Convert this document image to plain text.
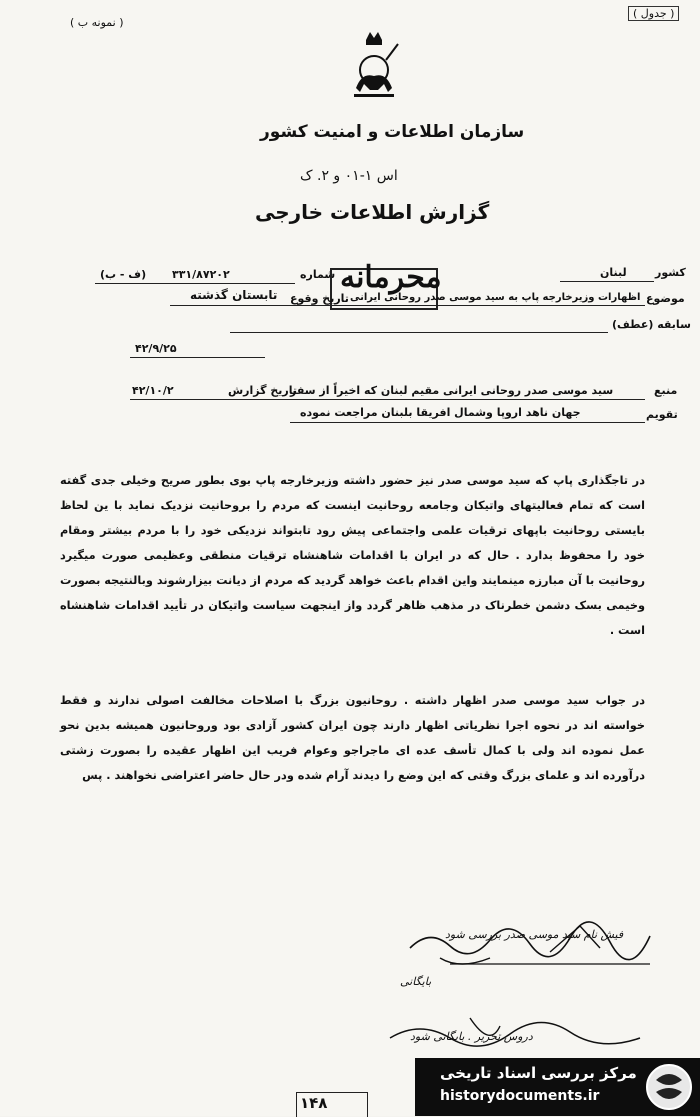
( نمونه ب )
( جدول )
سازمان اطلاعات و امنیت کشور
اس ۱-۰۱ و ۲. ک
گزارش اطلاعات خارجی
کشور
لبنان
شماره
۳۳۱/۸۷۲۰۲
(ف - ب)	محرمانه
موضوع
اظهارات وزیرخارجه پاپ به سید موسی صدر روحانی ایرانی
تاریخ وقوع
تابستان گذشته
سابقه (عطف)
۴۲/۹/۲۵
منبع
سید موسی صدر روحانی ایرانی مقیم لبنان که اخیراً از سفر
تاریخ گزارش
۴۲/۱۰/۲
تقویم
جهان ناهد اروپا وشمال افریقا بلبنان مراجعت نموده

در تاجگذاری پاپ که سید موسی صدر نیز حضور داشته وزیرخارجه پاپ بوی بطور صریح وخیلی جدی گفته است که تمام فعالیتهای واتیکان وجامعه روحانیت اینست که مردم را بروحانیت نزدیک نماید با ین لحاظ بایستی روحانیت باپهای ترقیات علمی واجتماعی پیش رود تابتواند نزدیکی خود را با مردم بیشتر ومقام خود را محفوظ بدارد . حال که در ایران با اقدامات شاهنشاه ترقیات منطقی وعظیمی صورت میگیرد روحانیت با آن مبارزه مینمایند واین اقدام باعث خواهد گردید که مردم از دیانت بیزارشوند وبالنتیجه بصورت وخیمی بسک دشمن خطرناک در مذهب ظاهر گردد واز اینجهت سیاست واتیکان در تأیید اقدامات شاهنشاه است .

در جواب سید موسی صدر اظهار داشته . روحانیون بزرگ با اصلاحات مخالفت اصولی ندارند و فقط خواسته اند در نحوه اجرا نظریاتی اظهار دارند چون ایران کشور آزادی بود وروحانیون همیشه بدین نحو عمل نموده اند ولی با کمال تأسف عده ای ماجراجو وعوام فریب این اظهار عقیده را بصورت زشتی درآورده اند و علمای بزرگ وقتی که این وضع را دیدند آرام شده ودر حال حاضر اعتراضی نخواهند . پس

فیش نام سید موسی صدر بررسی شود
بایگانی
دروس تحریر . بایگانی شود
۱۴۸
مرکز بررسی اسناد تاریخی
historydocuments.ir
